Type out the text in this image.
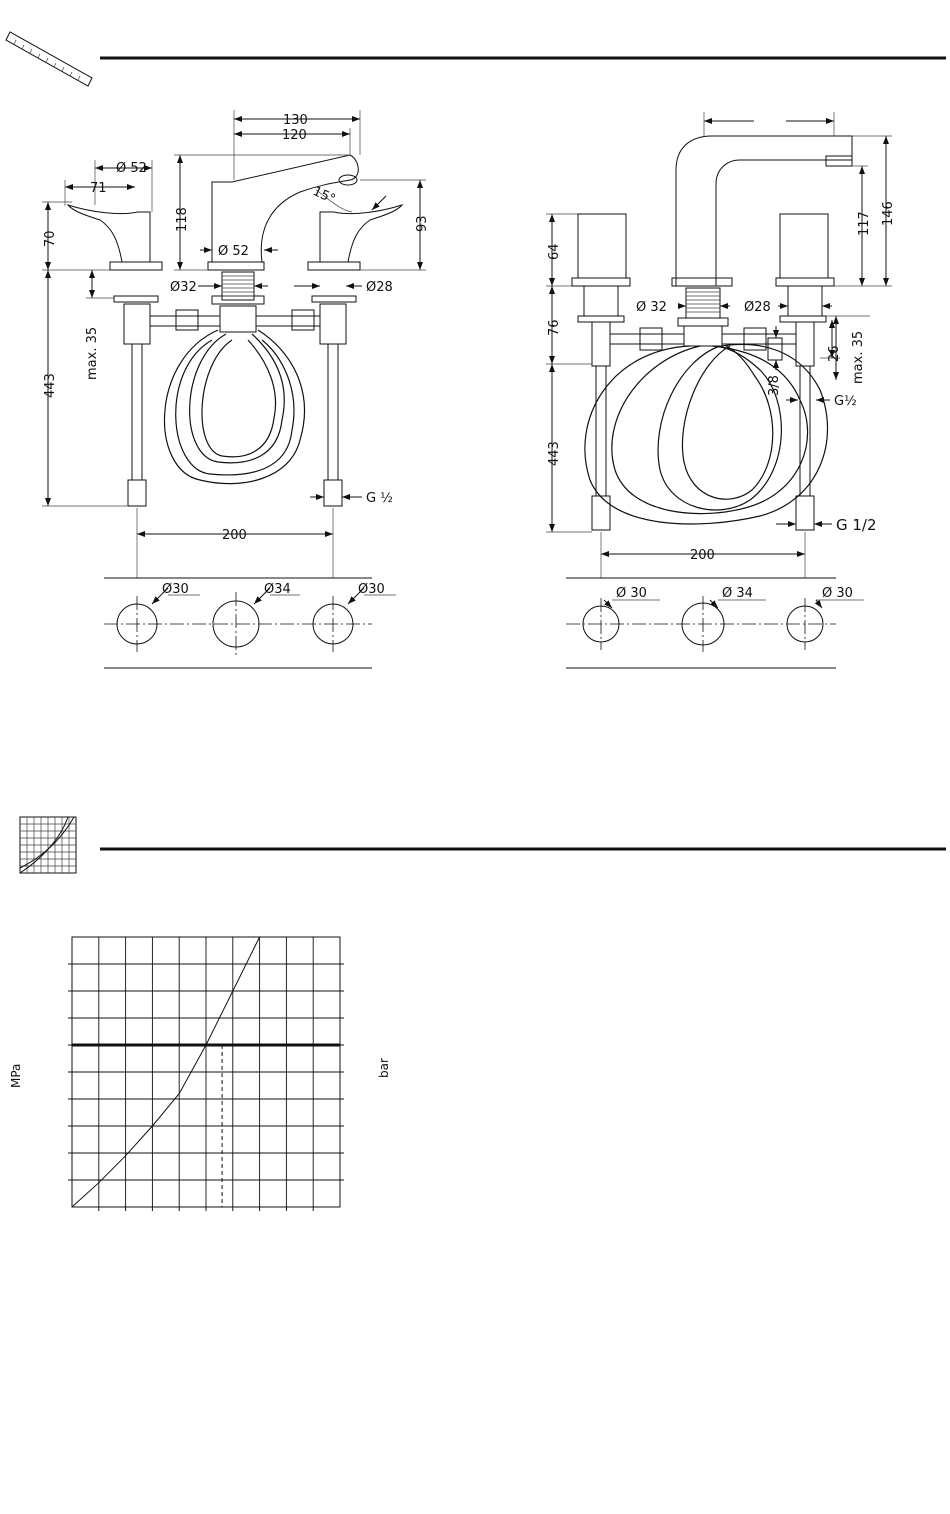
130
120
Ø 52
71
70
118
15°
93
Ø 52
Ø32	Ø28
max. 35
443
G ½
200
Ø30	Ø34	Ø30
117 146
64
76
Ø 32	Ø28
26 max. 35
3/8
G½
443
G 1/2
200
Ø 30	Ø 34	Ø 30
MPa	bar
